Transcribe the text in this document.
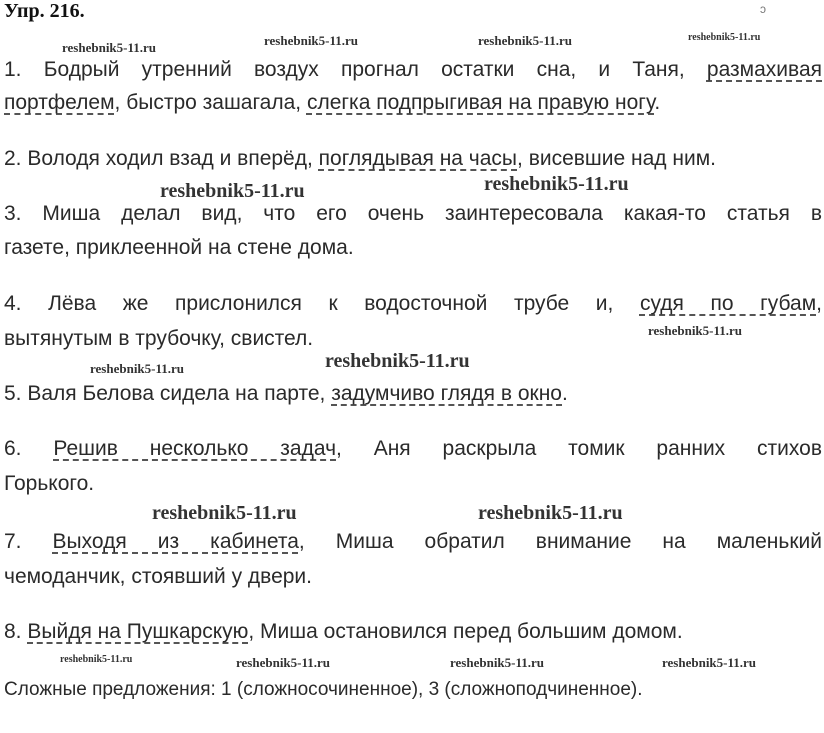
Упр. 216.	ↄ
reshebnik5-11.ru	reshebnik5-11.ru	reshebnik5-11.ru	reshebnik5-11.ru
reshebnik5-11.ru	reshebnik5-11.ru
reshebnik5-11.ru
reshebnik5-11.ru	reshebnik5-11.ru
reshebnik5-11.ru	reshebnik5-11.ru
reshebnik5-11.ru	reshebnik5-11.ru	reshebnik5-11.ru	reshebnik5-11.ru
1. Бодрый утренний воздух прогнал остатки сна, и Таня, размахивая
портфелем, быстро зашагала, слегка подпрыгивая на правую ногу.
2. Володя ходил взад и вперёд, поглядывая на часы, висевшие над ним.
3. Миша делал вид, что его очень заинтересовала какая-то статья в
газете, приклеенной на стене дома.
4. Лёва же прислонился к водосточной трубе и, судя по губам,
вытянутым в трубочку, свистел.
5. Валя Белова сидела на парте, задумчиво глядя в окно.
6. Решив несколько задач, Аня раскрыла томик ранних стихов
Горького.
7. Выходя из кабинета, Миша обратил внимание на маленький
чемоданчик, стоявший у двери.
8. Выйдя на Пушкарскую, Миша остановился перед большим домом.
Сложные предложения: 1 (сложносочиненное), 3 (сложноподчиненное).
